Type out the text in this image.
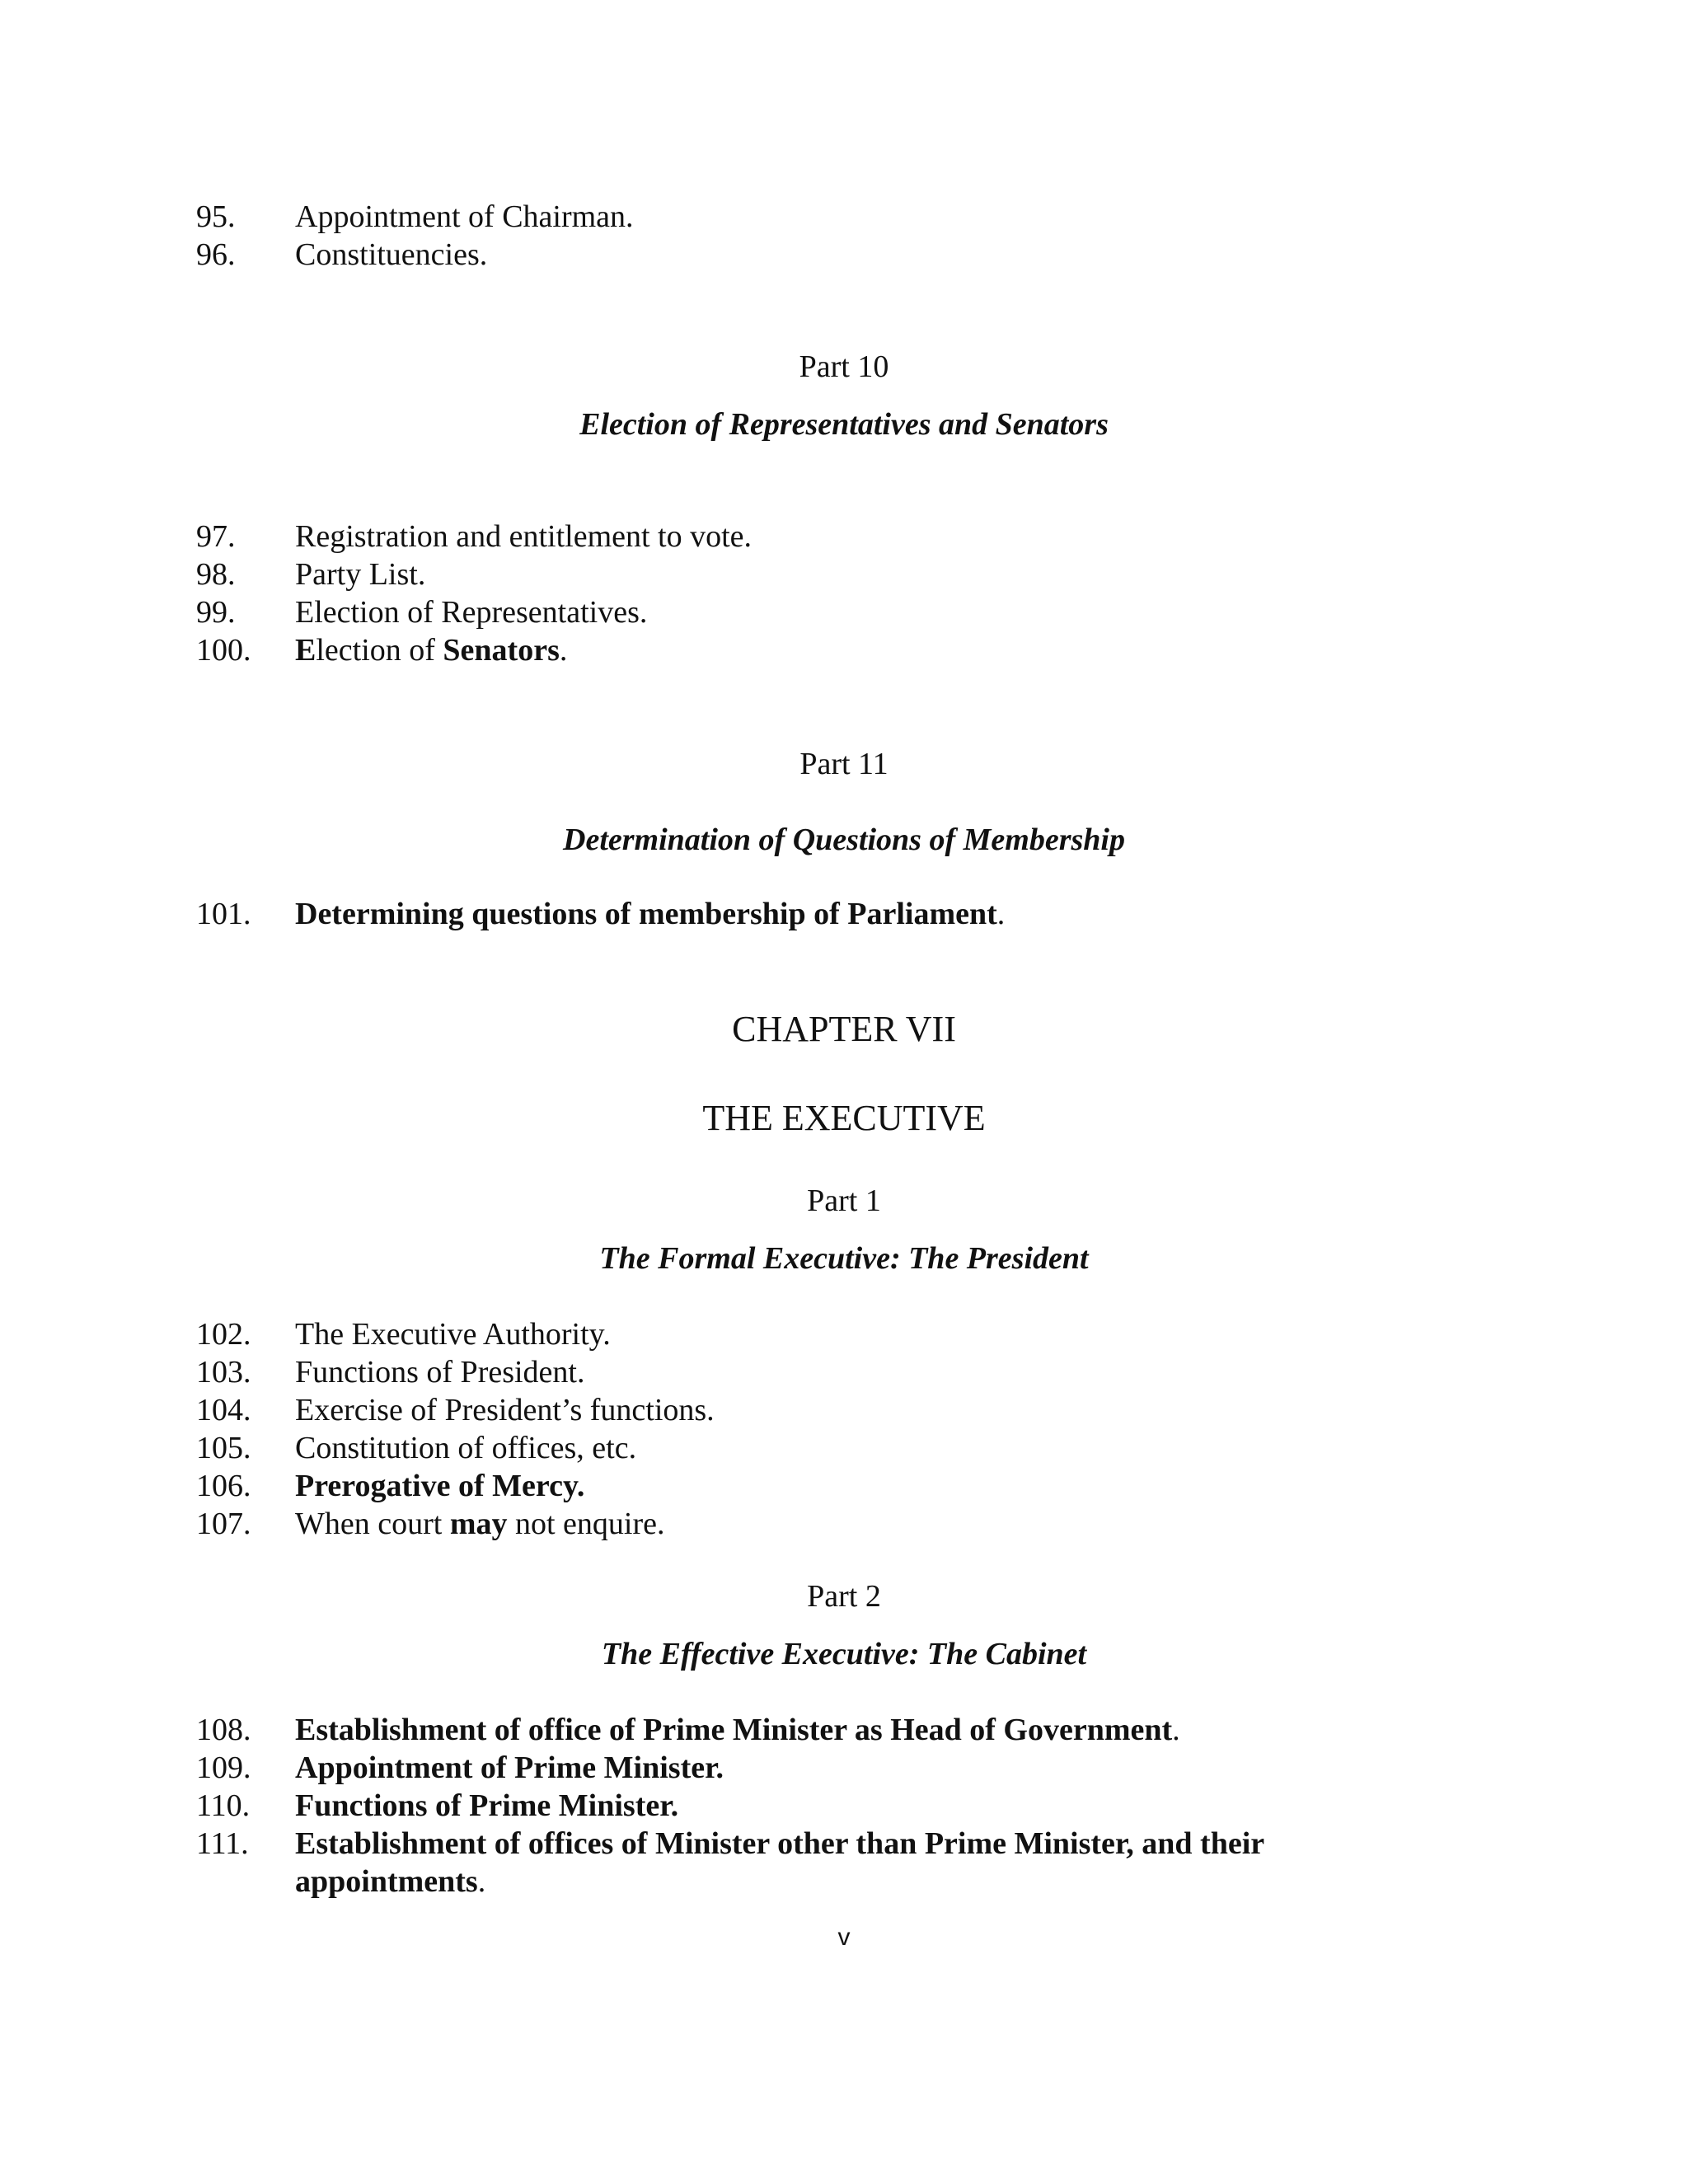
95. Appointment of Chairman.
96. Constituencies.
Part 10
Election of Representatives and Senators
97. Registration and entitlement to vote.
98. Party List.
99. Election of Representatives.
100. Election of Senators.
Part 11
Determination of Questions of Membership
101. Determining questions of membership of Parliament.
CHAPTER VII
THE EXECUTIVE
Part 1
The Formal Executive: The President
102. The Executive Authority.
103. Functions of President.
104. Exercise of President’s functions.
105. Constitution of offices, etc.
106. Prerogative of Mercy.
107. When court may not enquire.
Part 2
The Effective Executive: The Cabinet
108. Establishment of office of Prime Minister as Head of Government.
109. Appointment of Prime Minister.
110. Functions of Prime Minister.
111. Establishment of offices of Minister other than Prime Minister, and their
appointments.
v
